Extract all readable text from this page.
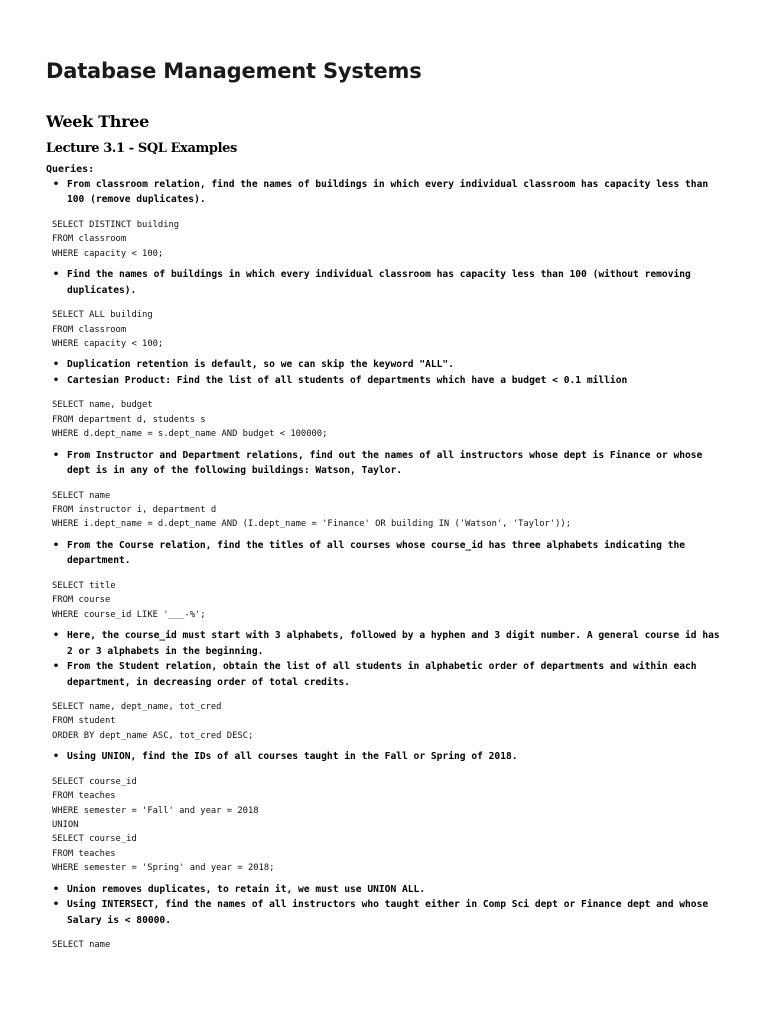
Database Management Systems
Week Three
Lecture 3.1 - SQL Examples
Queries:
• From classroom relation, find the names of buildings in which every individual classroom has capacity less than 100 (remove duplicates).
SELECT DISTINCT building
FROM classroom
WHERE capacity < 100;
• Find the names of buildings in which every individual classroom has capacity less than 100 (without removing duplicates).
SELECT ALL building
FROM classroom
WHERE capacity < 100;
• Duplication retention is default, so we can skip the keyword "ALL".
• Cartesian Product: Find the list of all students of departments which have a budget < 0.1 million
SELECT name, budget
FROM department d, students s
WHERE d.dept_name = s.dept_name AND budget < 100000;
• From Instructor and Department relations, find out the names of all instructors whose dept is Finance or whose dept is in any of the following buildings: Watson, Taylor.
SELECT name
FROM instructor i, department d
WHERE i.dept_name = d.dept_name AND (I.dept_name = 'Finance' OR building IN ('Watson', 'Taylor'));
• From the Course relation, find the titles of all courses whose course_id has three alphabets indicating the department.
SELECT title
FROM course
WHERE course_id LIKE '___-%';
• Here, the course_id must start with 3 alphabets, followed by a hyphen and 3 digit number. A general course id has 2 or 3 alphabets in the beginning.
• From the Student relation, obtain the list of all students in alphabetic order of departments and within each department, in decreasing order of total credits.
SELECT name, dept_name, tot_cred
FROM student
ORDER BY dept_name ASC, tot_cred DESC;
• Using UNION, find the IDs of all courses taught in the Fall or Spring of 2018.
SELECT course_id
FROM teaches
WHERE semester = 'Fall' and year = 2018
UNION
SELECT course_id
FROM teaches
WHERE semester = 'Spring' and year = 2018;
• Union removes duplicates, to retain it, we must use UNION ALL.
• Using INTERSECT, find the names of all instructors who taught either in Comp Sci dept or Finance dept and whose Salary is < 80000.
SELECT name
